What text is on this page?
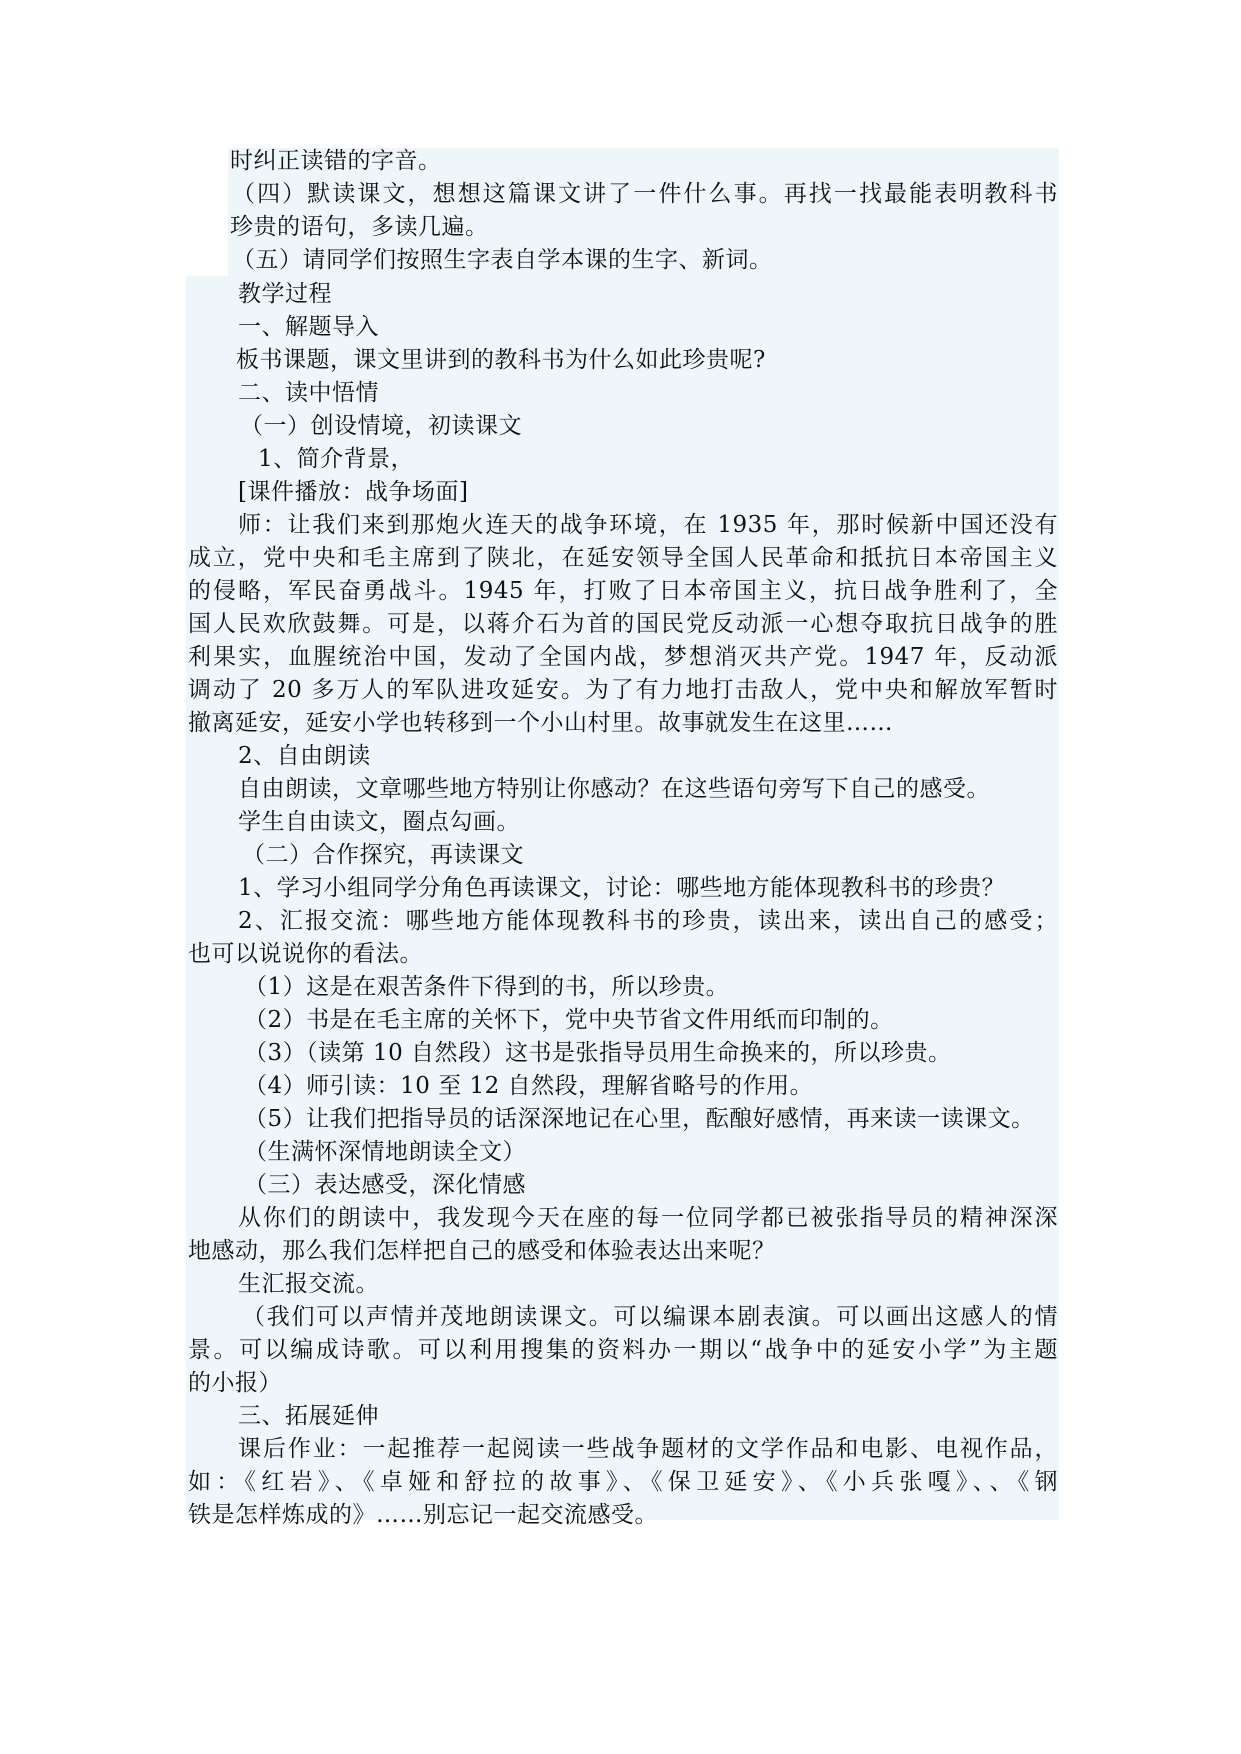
时纠正读错的字音。
（四）默读课文，想想这篇课文讲了一件什么事。再找一找最能表明教科书
珍贵的语句，多读几遍。
（五）请同学们按照生字表自学本课的生字、新词。
教学过程
一、解题导入
板书课题，课文里讲到的教科书为什么如此珍贵呢?
二、读中悟情
（一）创设情境，初读课文
1、简介背景，
[课件播放：战争场面]
师：让我们来到那炮火连天的战争环境，在 1935 年，那时候新中国还没有
成立，党中央和毛主席到了陕北，在延安领导全国人民革命和抵抗日本帝国主义
的侵略，军民奋勇战斗。1945 年，打败了日本帝国主义，抗日战争胜利了，全
国人民欢欣鼓舞。可是，以蒋介石为首的国民党反动派一心想夺取抗日战争的胜
利果实，血腥统治中国，发动了全国内战，梦想消灭共产党。1947 年，反动派
调动了 20 多万人的军队进攻延安。为了有力地打击敌人，党中央和解放军暂时
撤离延安，延安小学也转移到一个小山村里。故事就发生在这里……
2、自由朗读
自由朗读，文章哪些地方特别让你感动？在这些语句旁写下自己的感受。
学生自由读文，圈点勾画。
（二）合作探究，再读课文
1、学习小组同学分角色再读课文，讨论：哪些地方能体现教科书的珍贵？
2、汇报交流：哪些地方能体现教科书的珍贵，读出来，读出自己的感受；
也可以说说你的看法。
（1）这是在艰苦条件下得到的书，所以珍贵。
（2）书是在毛主席的关怀下，党中央节省文件用纸而印制的。
（3）（读第 10 自然段）这书是张指导员用生命换来的，所以珍贵。
（4）师引读：10 至 12 自然段，理解省略号的作用。
（5）让我们把指导员的话深深地记在心里，酝酿好感情，再来读一读课文。
（生满怀深情地朗读全文）
（三）表达感受，深化情感
从你们的朗读中，我发现今天在座的每一位同学都已被张指导员的精神深深
地感动，那么我们怎样把自己的感受和体验表达出来呢？
生汇报交流。
（我们可以声情并茂地朗读课文。可以编课本剧表演。可以画出这感人的情
景。可以编成诗歌。可以利用搜集的资料办一期以“战争中的延安小学”为主题
的小报）
三、拓展延伸
课后作业：一起推荐一起阅读一些战争题材的文学作品和电影、电视作品，
如：《红岩》、《卓娅和舒拉的故事》、《保卫延安》、《小兵张嘎》、、《钢
铁是怎样炼成的》……别忘记一起交流感受。
